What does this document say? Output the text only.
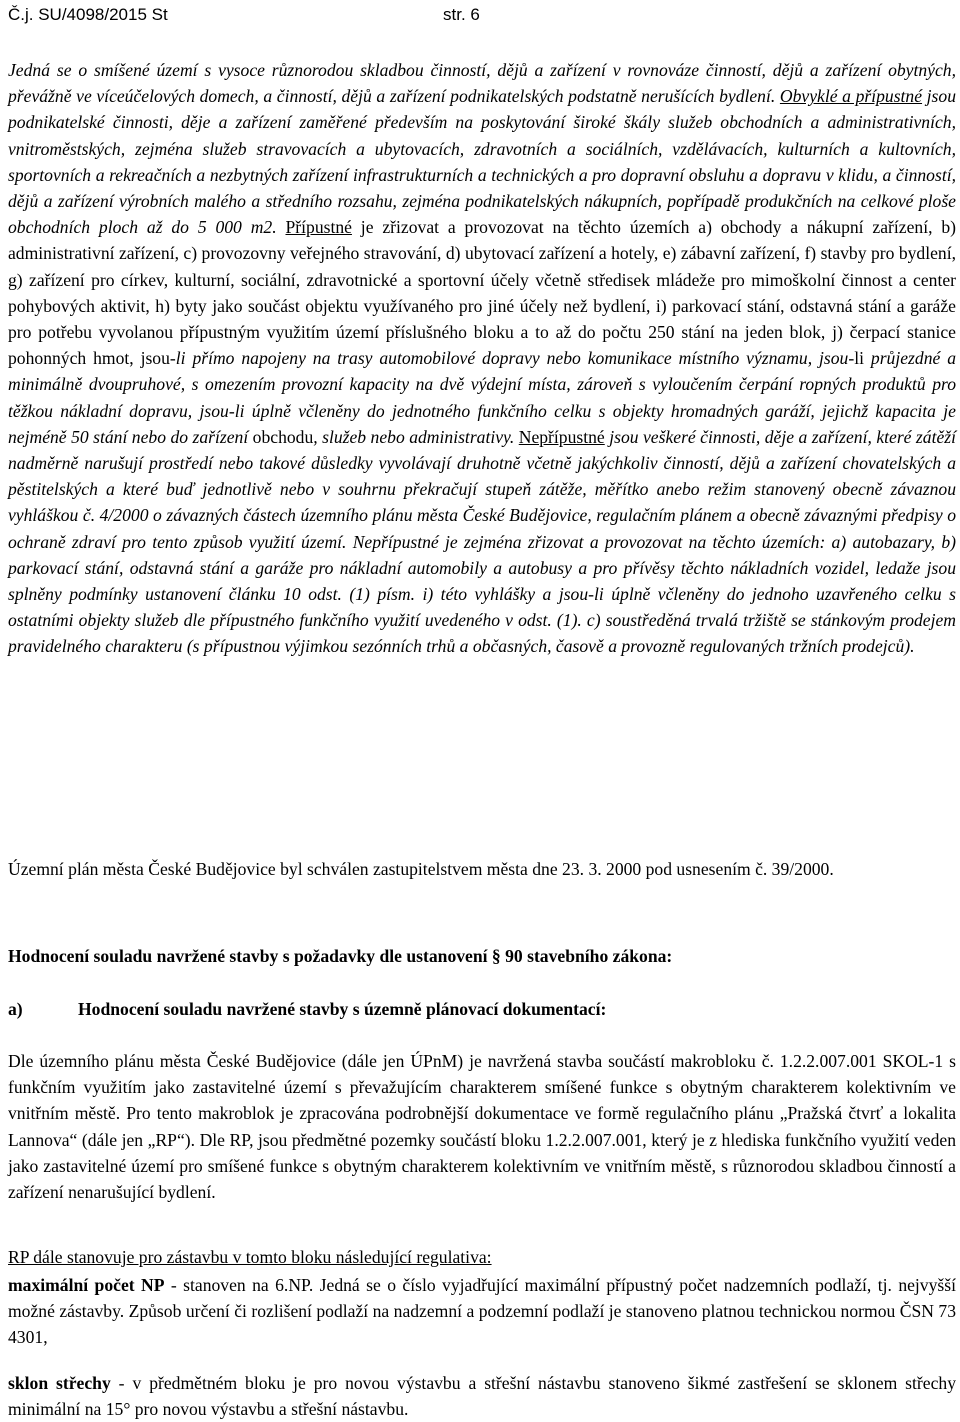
Č.j. SU/4098/2015 St	str. 6

Jedná se o smíšené území s vysoce různorodou skladbou činností, dějů a zařízení v rovnováze činností, dějů a zařízení obytných, převážně ve víceúčelových domech, a činností, dějů a zařízení podnikatelských podstatně nerušících bydlení. Obvyklé a přípustné jsou podnikatelské činnosti, děje a zařízení zaměřené především na poskytování široké škály služeb obchodních a administrativních, vnitroměstských, zejména služeb stravovacích a ubytovacích, zdravotních a sociálních, vzdělávacích, kulturních a kultovních, sportovních a rekreačních a nezbytných zařízení infrastrukturních a technických a pro dopravní obsluhu a dopravu v klidu, a činností, dějů a zařízení výrobních malého a středního rozsahu, zejména podnikatelských nákupních, popřípadě produkčních na celkové ploše obchodních ploch až do 5 000 m2. Přípustné je zřizovat a provozovat na těchto územích a) obchody a nákupní zařízení, b) administrativní zařízení, c) provozovny veřejného stravování, d) ubytovací zařízení a hotely, e) zábavní zařízení, f) stavby pro bydlení, g) zařízení pro církev, kulturní, sociální, zdravotnické a sportovní účely včetně středisek mládeže pro mimoškolní činnost a center pohybových aktivit, h) byty jako součást objektu využívaného pro jiné účely než bydlení, i) parkovací stání, odstavná stání a garáže pro potřebu vyvolanou přípustným využitím území příslušného bloku a to až do počtu 250 stání na jeden blok, j) čerpací stanice pohonných hmot, jsou-li přímo napojeny na trasy automobilové dopravy nebo komunikace místního významu, jsou-li průjezdné a minimálně dvoupruhové, s omezením provozní kapacity na dvě výdejní místa, zároveň s vyloučením čerpání ropných produktů pro těžkou nákladní dopravu, jsou-li úplně včleněny do jednotného funkčního celku s objekty hromadných garáží, jejichž kapacita je nejméně 50 stání nebo do zařízení obchodu, služeb nebo administrativy. Nepřípustné jsou veškeré činnosti, děje a zařízení, které zátěží nadměrně narušují prostředí nebo takové důsledky vyvolávají druhotně včetně jakýchkoliv činností, dějů a zařízení chovatelských a pěstitelských a které buď jednotlivě nebo v souhrnu překračují stupeň zátěže, měřítko anebo režim stanovený obecně závaznou vyhláškou č. 4/2000 o závazných částech územního plánu města České Budějovice, regulačním plánem a obecně závaznými předpisy o ochraně zdraví pro tento způsob využití území. Nepřípustné je zejména zřizovat a provozovat na těchto územích: a) autobazary, b) parkovací stání, odstavná stání a garáže pro nákladní automobily a autobusy a pro přívěsy těchto nákladních vozidel, ledaže jsou splněny podmínky ustanovení článku 10 odst. (1) písm. i) této vyhlášky a jsou-li úplně včleněny do jednoho uzavřeného celku s ostatními objekty služeb dle přípustného funkčního využití uvedeného v odst. (1). c) soustředěná trvalá tržiště se stánkovým prodejem pravidelného charakteru (s přípustnou výjimkou sezónních trhů a občasných, časově a provozně regulovaných tržních prodejců).

Územní plán města České Budějovice byl schválen zastupitelstvem města dne 23. 3. 2000 pod usnesením č. 39/2000.

Hodnocení souladu navržené stavby s požadavky dle ustanovení § 90 stavebního zákona:

a)	Hodnocení souladu navržené stavby s územně plánovací dokumentací:

Dle územního plánu města České Budějovice (dále jen ÚPnM) je navržená stavba součástí makrobloku č. 1.2.2.007.001 SKOL-1 s funkčním využitím jako zastavitelné území s převažujícím charakterem smíšené funkce s obytným charakterem kolektivním ve vnitřním městě. Pro tento makroblok je zpracována podrobnější dokumentace ve formě regulačního plánu „Pražská čtvrť a lokalita Lannova“ (dále jen „RP“). Dle RP, jsou předmětné pozemky součástí bloku 1.2.2.007.001, který je z hlediska funkčního využití veden jako zastavitelné území pro smíšené funkce s obytným charakterem kolektivním ve vnitřním městě, s různorodou skladbou činností a zařízení nenarušující bydlení.

RP dále stanovuje pro zástavbu v tomto bloku následující regulativa:

maximální počet NP - stanoven na 6.NP. Jedná se o číslo vyjadřující maximální přípustný počet nadzemních podlaží, tj. nejvyšší možné zástavby. Způsob určení či rozlišení podlaží na nadzemní a podzemní podlaží je stanoveno platnou technickou normou ČSN 73 4301,

sklon střechy - v předmětném bloku je pro novou výstavbu a střešní nástavbu stanoveno šikmé zastřešení se sklonem střechy minimální na 15° pro novou výstavbu a střešní nástavbu.
